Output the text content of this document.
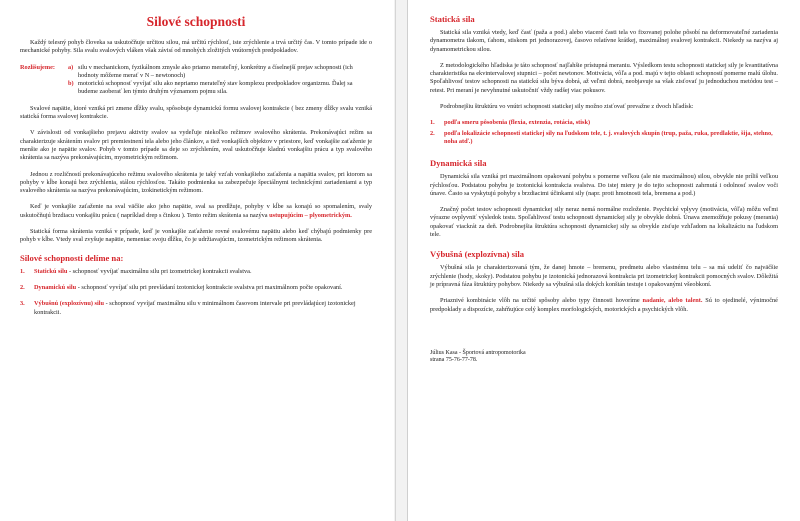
Silové schopnosti

Každý telesný pohyb človeka sa uskutočňuje určitou silou, má určitú rýchlosť, iste zrýchlenie a trvá určitý čas. V tomto prípade ide o mechanické pohyby. Sila svalu svalových vláken však závisí od mnohých zložitých vnútorných predpokladov.

Rozlišujeme: a) silu v mechanickom, fyzikálnom zmysle ako priamo merateľný, konkrétny a číselnejší prejav schopnosti (ich hodnoty môžeme merať v N – newtonoch)
b) motorickú schopnosť vyvíjať silu ako nepriamo merateľný stav komplexu predpokladov organizmu. Ďalej sa budeme zaoberať len týmto druhým významom pojmu sila.

Svalové napätie, ktoré vzniká pri zmene dĺžky svalu, spôsobuje dynamickú formu svalovej kontrakcie ( bez zmeny dĺžky svalu vzniká statická forma svalovej kontrakcie.

V závislosti od vonkajšieho prejavu aktivity svalov sa vydeľuje niekoľko režimov svalového skrátenia. Prekonávajúci režim sa charakterizuje skrátením svalov pri premiestnení tela alebo jeho článkov, a tiež vonkajších objektov v priestore, keď vonkajšie zaťaženie je menšie ako je napätie svalov. Pohyb v tomto prípade sa deje so zrýchlením, sval uskutočňuje kladnú vonkajšiu prácu a typ svalového skrátenia sa nazýva prekonávajúcim, myometrickým režimom.

Jednou z rozličností prekonávajúceho režimu svalového skrátenia je taký vzťah vonkajšieho zaťaženia a napätia svalov, pri ktorom sa pohyby v kĺbe konajú bez zrýchlenia, stálou rýchlosťou. Takáto podmienka sa zabezpečuje špeciálnymi technickými zariadeniami a typ svalového skrátenia sa nazýva prekonávajúcim, izokinetickým režimom.

Keď je vonkajšie zaťaženie na sval väčšie ako jeho napätie, sval sa predlžuje, pohyby v kĺbe sa konajú so spomalením, svaly uskutočňujú brzdiacu vonkajšiu prácu ( napríklad drep s činkou ). Tento režim skrátenia sa nazýva ustupujúcim – plyometrickým.

Statická forma skrátenia vzniká v prípade, keď je vonkajšie zaťaženie rovné svalovému napätiu alebo keď chýbajú podmienky pre pohyb v kĺbe. Vtedy sval zvyšuje napätie, nemeniac svoju dĺžku, čo je udržiavajúcim, izometrickým režimom skrátenia.

Silové schopnosti delíme na:
1. Statickú silu - schopnosť vyvíjať maximálnu silu pri izometrickej kontrakcii svalstva.
2. Dynamickú silu - schopnosť vyvíjať silu pri prevládaní izotonickej kontrakcie svalstva pri maximálnom počte opakovaní.
3. Výbušnú (explozívnu) silu - schopnosť vyvíjať maximálnu silu v minimálnom časovom intervale pri prevládajúcej izotonickej kontrakcii.
Statická sila

Statická sila vzniká vtedy, keď časť (paža a pod.) alebo viaceré časti tela vo fixovanej polohe pôsobí na deformovateľné zariadenia dynamometra tlakom, ťahom, stiskom pri jednorazovej, časovo relatívne krátkej, maximálnej svalovej kontrakcii. Niekedy sa nazýva aj dynamometrickou silou.

Z metodologického hľadiska je táto schopnosť najľahšie prístupná meraniu. Výsledkom testu schopnosti statickej sily je kvantitatívna charakteristika na ekvintervalovej stupnici – počet newtonov. Motivácia, vôľa a pod. majú v tejto oblasti schopností pomerne malú úlohu. Spoľahlivosť testov schopnosti na statickú silu býva dobrá, až veľmi dobrá, neobjavuje sa však zisťovať ju jednoduchou metódou test – retest. Pri meraní je nevyhnutné uskutočniť vždy radšej viac pokusov.

Podrobnejšiu štruktúru vo vnútri schopnosti statickej sily možno zisťovať prevažne z dvoch hľadísk:

1. podľa smeru pôsobenia (flexia, extenzia, rotácia, stisk)
2. podľa lokalizácie schopnosti statickej sily na ľudskom tele, t. j. svalových skupín (trup, paža, ruka, predlaktie, šija, stehno, noha atď.)
Dynamická sila

Dynamická sila vzniká pri maximálnom opakovaní pohybu s pomerne veľkou (ale nie maximálnou) silou, obvykle nie príliš veľkou rýchlosťou. Podstatou pohybu je izotonická kontrakcia svalstva. Do istej miery je do tejto schopnosti zahrnutá i odolnosť svalov voči únave. Často sa vyskytujú pohyby s brzdiacimi účinkami sily (napr. proti hmotnosti tela, bremena a pod.)

Značný počet testov schopnosti dynamickej sily neraz nemá normálne rozloženie. Psychické vplyvy (motivácia, vôľa) môžu veľmi výrazne ovplyvniť výsledok testu. Spoľahlivosť testu schopnosti dynamickej sily je obvykle dobrá. Únava znemožňuje pokusy (merania) opakovať viackrát za deň. Podrobnejšia štruktúra schopnosti dynamickej sily sa obvykle zisťuje vzhľadom na lokalizáciu na ľudskom tele.

Výbušná (explozívna) sila

Výbušná sila je charakterizovaná tým, že danej hmote – bremenu, predmetu alebo vlastnému telu – sa má udeliť čo najväčšie zrýchlenie (hody, skoky). Podstatou pohybu je izotonická jednorazová kontrakcia pri izometrickej kontrakcii pomocných svalov. Dôležitá je prípravná fáza štruktúry pohybov. Niekedy sa výbušná sila dokých konštán testuje i opakovanými všeobkoní.

Priaznivé kombinácie vlôh na určité spôsoby alebo typy činnosti hovoríme nadanie, alebo talent. Sú to ojedinelé, výnimočné predpoklady a dispozície, zahŕňujúce celý komplex morfologických, motorických a psychických vlôh.

Július Kasa - Športová antropomotorika
strana 75-76-77-78.
